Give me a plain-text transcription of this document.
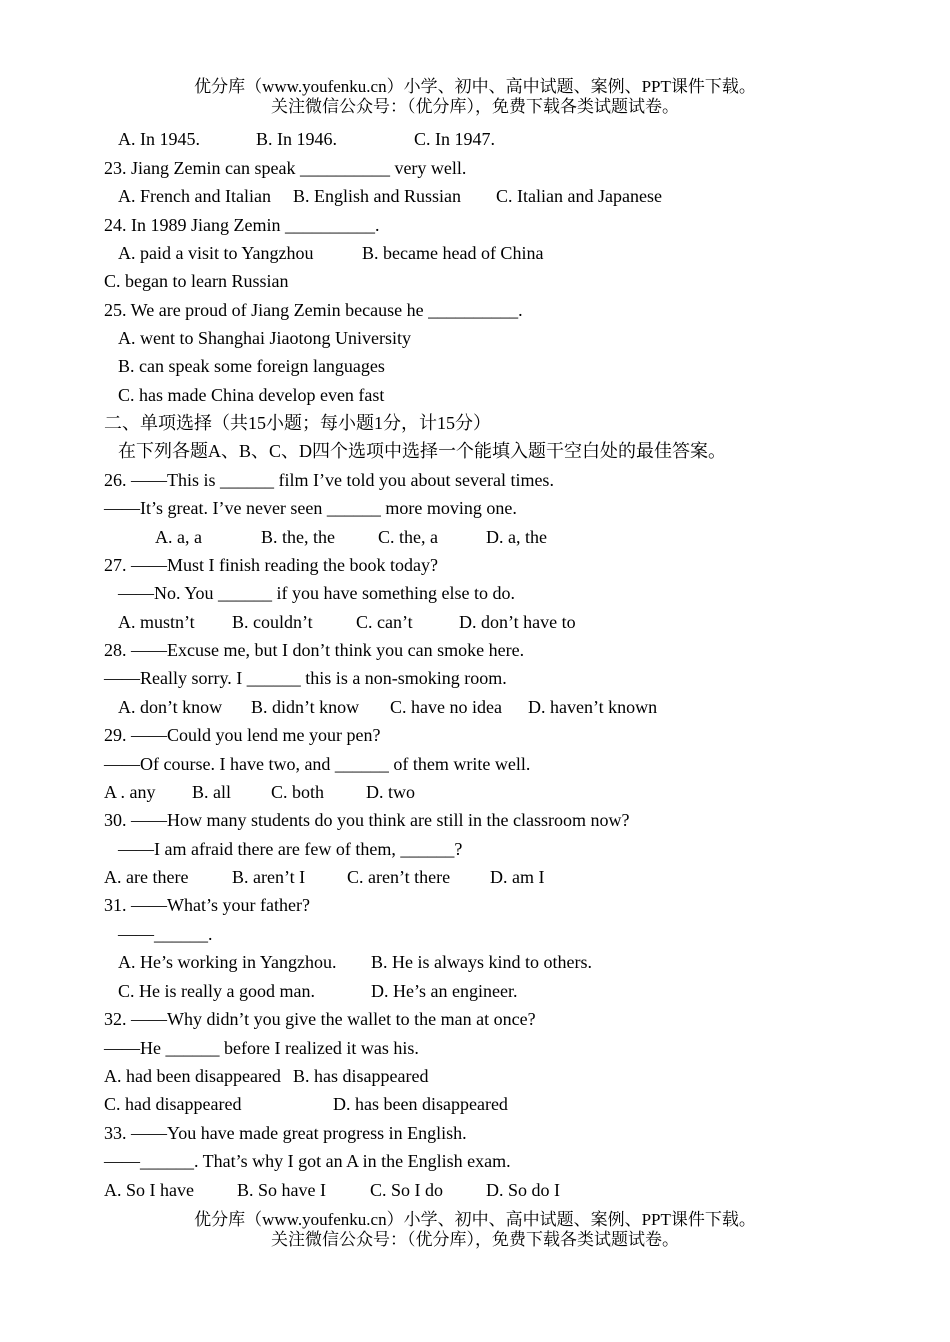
优分库（www.youfenku.cn）小学、初中、高中试题、案例、PPT课件下载。
关注微信公众号：（优分库），免费下载各类试题试卷。
A. In 1945.	B. In 1946.	C. In 1947.
23. Jiang Zemin can speak __________ very well.
A. French and Italian B. English and Russian C. Italian and Japanese
24. In 1989 Jiang Zemin __________.
A. paid a visit to Yangzhou	B. became head of China
C. began to learn Russian
25. We are proud of Jiang Zemin because he __________.
A. went to Shanghai Jiaotong University
B. can speak some foreign languages
C. has made China develop even fast
二、单项选择（共15小题；每小题1分，计15分）
在下列各题A、B、C、D四个选项中选择一个能填入题干空白处的最佳答案。
26. ——This is ______ film I’ve told you about several times.
——It’s great. I’ve never seen ______ more moving one.
A. a, a	B. the, the C. the, a	D. a, the
27. ——Must I finish reading the book today?
——No. You ______ if you have something else to do.
A. mustn’t B. couldn’t C. can’t	D. don’t have to
28. ——Excuse me, but I don’t think you can smoke here.
——Really sorry. I ______ this is a non-smoking room.
A. don’t know B. didn’t know C. have no idea D. haven’t known
29. ——Could you lend me your pen?
——Of course. I have two, and ______ of them write well.
A . any B. all C. both D. two
30. ——How many students do you think are still in the classroom now?
——I am afraid there are few of them, ______?
A. are there B. aren’t I C. aren’t there D. am I
31. ——What’s your father?
——______.
A. He’s working in Yangzhou. B. He is always kind to others.
C. He is really a good man.	D. He’s an engineer.
32. ——Why didn’t you give the wallet to the man at once?
——He ______ before I realized it was his.
A. had been disappeared B. has disappeared
C. had disappeared	D. has been disappeared
33. ——You have made great progress in English.
——______. That’s why I got an A in the English exam.
A. So I have B. So have I C. So I do D. So do I
优分库（www.youfenku.cn）小学、初中、高中试题、案例、PPT课件下载。
关注微信公众号：（优分库），免费下载各类试题试卷。
